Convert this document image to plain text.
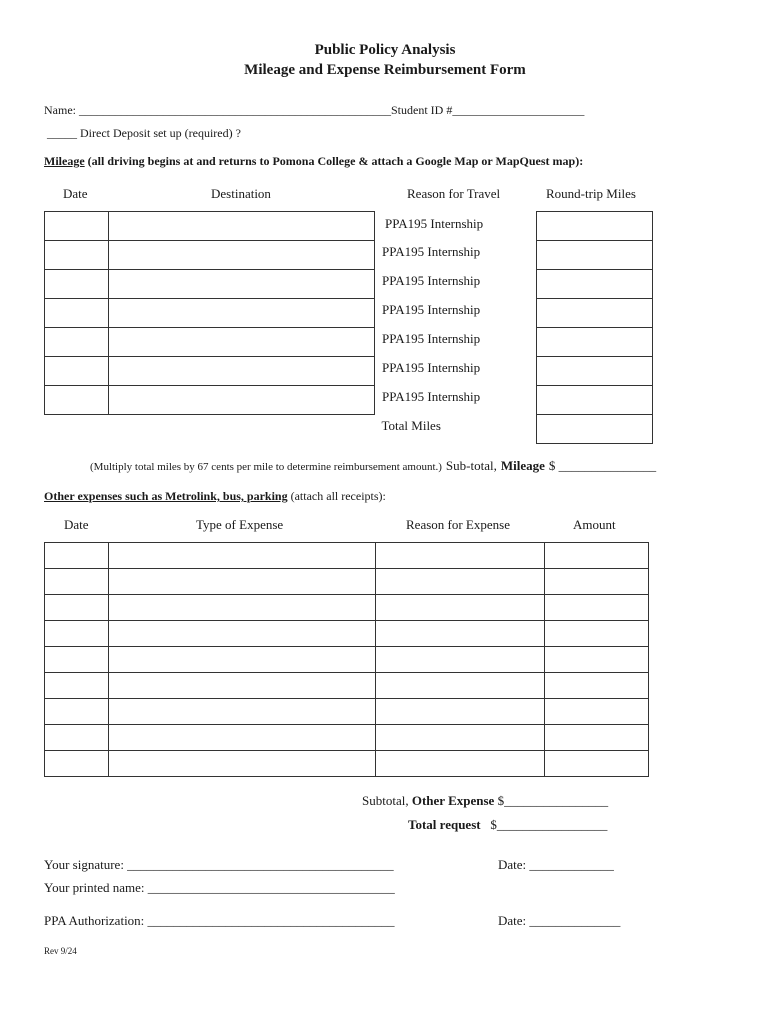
Public Policy Analysis
Mileage and Expense Reimbursement Form
Name: ____________________________________________________Student ID #______________________
_____ Direct Deposit set up (required) ?
Mileage (all driving begins at and returns to Pomona College & attach a Google Map or MapQuest map):
Date	Destination	Reason for Travel	Round-trip Miles
		PPA195 Internship	
		PPA195 Internship	
		PPA195 Internship	
		PPA195 Internship	
		PPA195 Internship	
		PPA195 Internship	
		PPA195 Internship	
		Total Miles	
(Multiply total miles by 67 cents per mile to determine reimbursement amount.) Sub-total, Mileage $ _______________
Other expenses such as Metrolink, bus, parking (attach all receipts):
Date	Type of Expense	Reason for Expense	Amount

Subtotal, Other Expense $________________
Total request $_________________
Your signature: _________________________________________	Date: _____________
Your printed name: ______________________________________
PPA Authorization: ______________________________________	Date: ______________
Rev 9/24
